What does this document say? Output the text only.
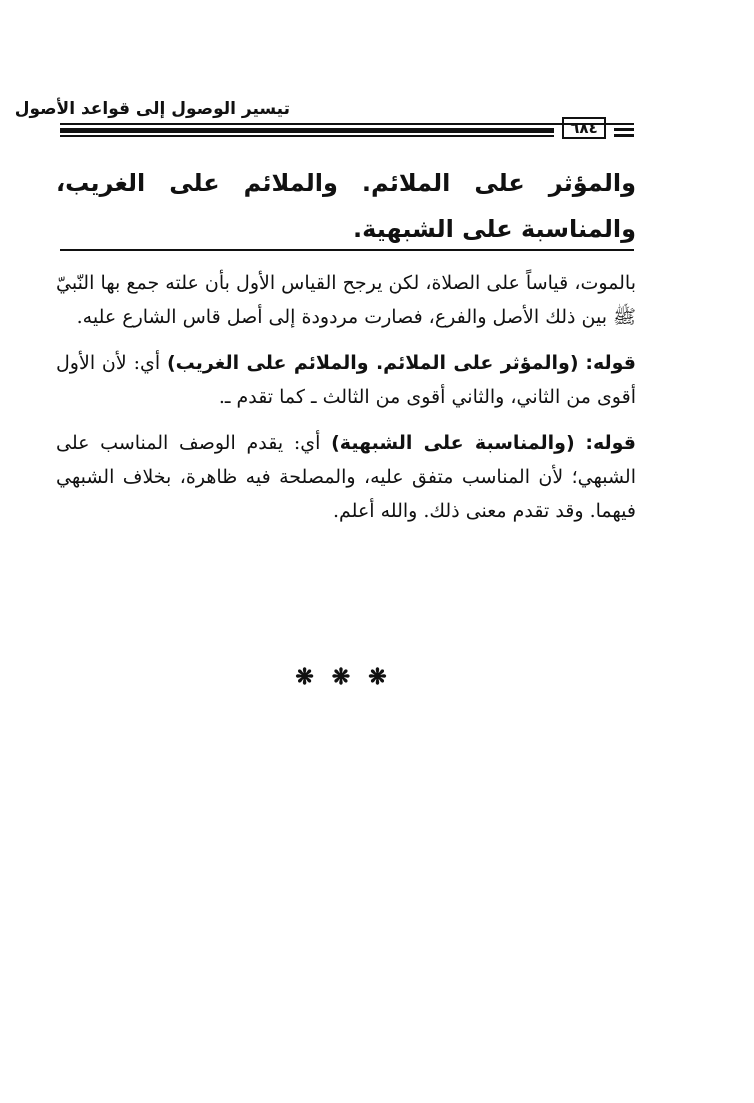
تيسير الوصول إلى قواعد الأصول
٦٨٤
والمؤثر على الملائم. والملائم على الغريب، والمناسبة على الشبهية.

بالموت، قياساً على الصلاة، لكن يرجح القياس الأول بأن علته جمع بها النّبيّ ﷺ بين ذلك الأصل والفرع، فصارت مردودة إلى أصل قاس الشارع عليه.

قوله: (والمؤثر على الملائم. والملائم على الغريب) أي: لأن الأول أقوى من الثاني، والثاني أقوى من الثالث ـ كما تقدم ـ.

قوله: (والمناسبة على الشبهية) أي: يقدم الوصف المناسب على الشبهي؛ لأن المناسب متفق عليه، والمصلحة فيه ظاهرة، بخلاف الشبهي فيهما. وقد تقدم معنى ذلك. والله أعلم.

❋❋❋
